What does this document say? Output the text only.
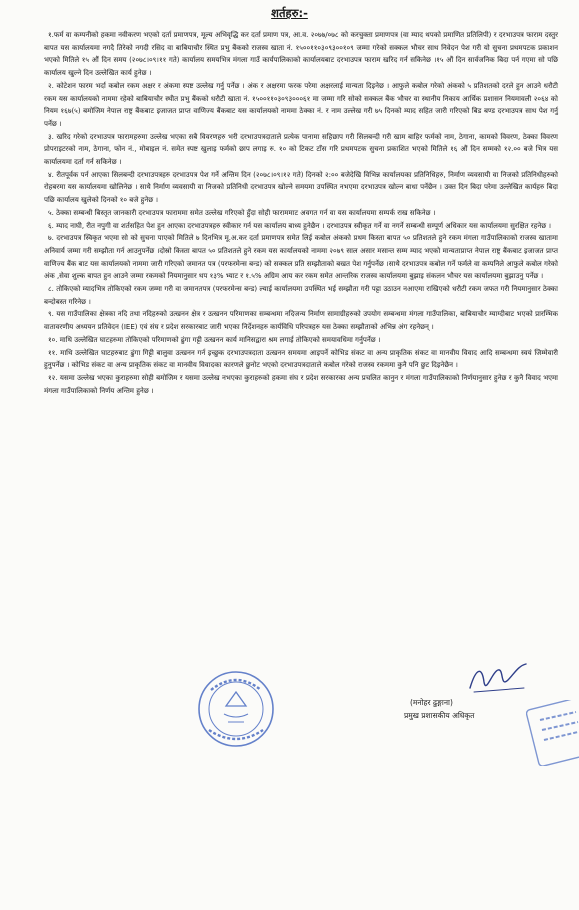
शर्तहरु:-

१.फर्म वा कम्पनीको हकमा नवीकरण भएको दर्ता प्रमाणपत्र, मूल्य अभिवृद्धि कर दर्ता प्रमाण पत्र, आ.व. २०७७/०७८ को करचुक्ता प्रमाणपत्र (वा म्याद थपको प्रमाणित प्रतिलिपी) र दरभाउपत्र फाराम दस्तुर बापत यस कार्यालयमा नगदै तिरेको नगदी रसिद वा बाबियाचौर स्थित प्रभु बैंकको राजस्व खाता नं. १५००११०३०९३००१०९ जम्मा गरेको सक्कल भौचर साथ निवेदन पेश गरी यो सुचना प्रथमपटक प्रकाशन भएको मितिले १५ औं दिन समय (२०७८।०९।११ गते) कार्यालय समयभित्र मंगला गाउँ कार्यपालिकाको कार्यालयबाट दरभाउपत्र फाराम खरिद गर्न सकिनेछ ।१५ औं दिन सार्वजनिक बिदा पर्न गएमा सो पछि कार्यालय खुल्ने दिन उल्लेखित कार्य हुनेछ ।

२. कोटेशन फारम भर्दा कबोल रकम अक्षर र अंकमा स्पष्ट उल्लेख गर्नु पर्नेछ । अंक र अक्षरमा फरक परेमा अक्षरलाई मान्यता दिइनेछ । आफुले कबोल गरेको अंकको ५ प्रतिशतको दरले हुन आउने धरौटी रकम यस कार्यालयको नाममा रहेको बाबियाचौर स्थीत प्रभु बैंकको धरौटी खाता नं. १५००११०३०९३०००६१ मा जम्मा गरि सोको सक्कल बैंक भौचर वा स्थानीय निकाय आर्थिक प्रशासन नियमावली २०६४ को नियम १६७(५) बमोजिम नेपाल राष्ट्र बैंकबाट इजाजत प्राप्त वाणिज्य बैंकबाट यस कार्यालयको नाममा ठेक्का नं. र नाम उल्लेख गरी ७५ दिनको म्याद सहित जारी गरिएको बिड बण्ड दरभाउपत्र साथ पेश गर्नु पर्नेछ ।

३. खरिद गरेको दरभाउपत्र फारामहरुमा उल्लेख भएका सबै विवरणहरु भरी दरभाउपत्रदाताले प्रत्येक पानामा सहिछाप गरी सिलबन्दी गरी खाम बाहिर फर्मको नाम, ठेगाना, कामको विवरण, ठेक्का विवरण प्रोपराइटरको नाम, ठेगाना, फोन नं., मोबाइल नं. समेत स्पष्ट खुलाइ फर्मको छाप लगाइ रु. १० को टिकट टाँस गरि प्रथमपटक सुचना प्रकाशित भएको मितिले १६ औं दिन सम्मको १२.०० बजे भित्र यस कार्यालयमा दर्ता गर्न सकिनेछ ।

४. रीतपूर्वक पर्न आएका सिलबन्दी दरभाउपत्रहरु दरभाउपत्र पेश गर्ने अन्तिम दिन (२०७८।०९।१२ गते) दिनको २:०० बजेदेखि विभिन्न कार्यालयका प्रतिनिधिहरु, निर्माण व्यवसायी वा निजको प्रतिनिधीहरुको रोहबरमा यस कार्यालयमा खोलिनेछ । साथै निर्माण व्यवसायी वा निजको प्रतिनिधी दरभाउपत्र खोल्ने समयमा उपस्थित नभएमा दरभाउपत्र खोल्न बाधा पर्नेछैन । उक्त दिन बिदा परेमा उल्लेखित कार्यहरु बिदा पछि कार्यालय खुलेको दिनको १० बजे हुनेछ ।

५. ठेक्का सम्बन्धी बिस्तृत जानकारी दरभाउपत्र फाराममा समेत उल्लेख गरिएको हुँदा सोही फाराममाट अवगत गर्न वा यस कार्यालयमा सम्पर्क राख सकिनेछ ।

६. म्याद नाघी, रीत नपुगी वा शर्तसहित पेश हुन आएका दरभाउपत्रहरु स्वीकार गर्न यस कार्यालय बाध्य हुनेछैन । दरभाउपत्र स्वीकृत गर्ने वा नगर्ने सम्बन्धी सम्पूर्ण अधिकार यस कार्यालयमा सुरक्षित रहनेछ ।

७. दरभाउपत्र स्विकृत भएमा सो को सुचना पाएको मितिले ७ दिनभित्र मू.अ.कर दर्ता प्रमाणपत्र समेत लिई कबोल अंकको प्रथम किस्ता बापत ५० प्रतिशतले हुने रकम मंगला गाउँपालिकाको राजस्व खातामा अनिवार्य जम्मा गरी सम्झौता गर्न आउनुपर्नेछ ।दोस्रो किस्ता बापत ५० प्रतिशतले हुने रकम यस कार्यालयको नाममा २०७९ साल असार मसान्त सम्म म्याद भएको मान्यताप्राप्त नेपाल राष्ट्र बैंकबाट इजाजत प्राप्त वाणिज्य बैंक बाट यस कार्यालयको नाममा जारी गरिएको जमानत पत्र (परफरमेन्स बन्ड) को सक्कल प्रति सम्झौताको बखत पेश गर्नुपर्नेछ ।साथै दरभाउपत्र कबोल गर्ने फर्मले वा कम्पनिले आफुले कबोल गरेको अंक ,सेवा शुल्क बापत हुन आउने जम्मा रकमको नियमानुसार थप १३% भ्याट र १.५% अग्रिम आय कर रकम समेत आन्तरिक राजस्व कार्यालयमा बुझाइ संकलन भौचर यस कार्यालयमा बुझाउनु पर्नेछ ।

८. तोकिएको म्यादभित्र तोकिएको रकम जम्मा गरी वा जमानतपत्र (परफरमेन्स बन्ड) ल्याई कार्यालयमा उपस्थित भई सम्झौता गरी पट्टा उठाउन नआएमा राखिएको धरौटी रकम जफत गरी नियमानुसार ठेक्का बन्दोबस्त गरिनेछ ।

९. यस गाउँपालिका क्षेत्रका नदि तथा नदिहरुको उत्खनन क्षेत्र र उत्खनन परिमाणका सम्बन्धमा नदिजन्य निर्माण सामाग्रीहरुको उपयोग सम्बन्धमा मंगला गाउँपालिका, बाबियाचौर म्याग्दीबाट भएको प्रारम्भिक वातावरणीय अध्ययन प्रतिवेदन (IEE) एवं संघ र प्रदेश सरकारबाट जारी भएका निर्देशनहरु कार्यविधि परिपत्रहरु यस ठेक्का सम्झौताको अभिन्न अंग रहनेछन् ।

१०. माथि उल्लेखित घाटहरुमा तोकिएको परिमाणको ढुंगा गट्टी उत्खनन कार्य मानिसद्वारा श्रम लगाई तोकिएको समयावधिमा गर्नुपर्नेछ ।

११. माथि उल्लेखित घाटहरुबाट ढुंगा गिट्टी बालुवा उत्खनन गर्न इच्छुक दरभाउपत्रदाता उत्खनन समयमा आइपर्ने कोभिड संकट वा अन्य प्राकृतिक संकट वा मानवीय विवाद आदि सम्बन्धमा स्वयं जिम्मेवारी हुनुपर्नेछ । कोभिड संकट वा अन्य प्राकृतिक संकट वा मानवीय विवादका कारणले छुनोट भएको दरभाउपत्रदाताले कबोल गरेको राजस्व रकममा कुनै पनि छुट दिइनेछैन ।

१२. यसमा उल्लेख भएका कुराहरुमा सोही बमोजिम र यसमा उल्लेख नभएका कुराहरुको हकमा संघ र प्रदेश सरकारका अन्य प्रचलित कानुन र मंगला गाउँपालिकाको निर्णयानुसार हुनेछ र कुनै विवाद भएमा मंगला गाउँपालिकाको निर्णय अन्तिम हुनेछ ।

(मनोहर ढुङ्गाना)
प्रमुख प्रशासकीय अधिकृत
